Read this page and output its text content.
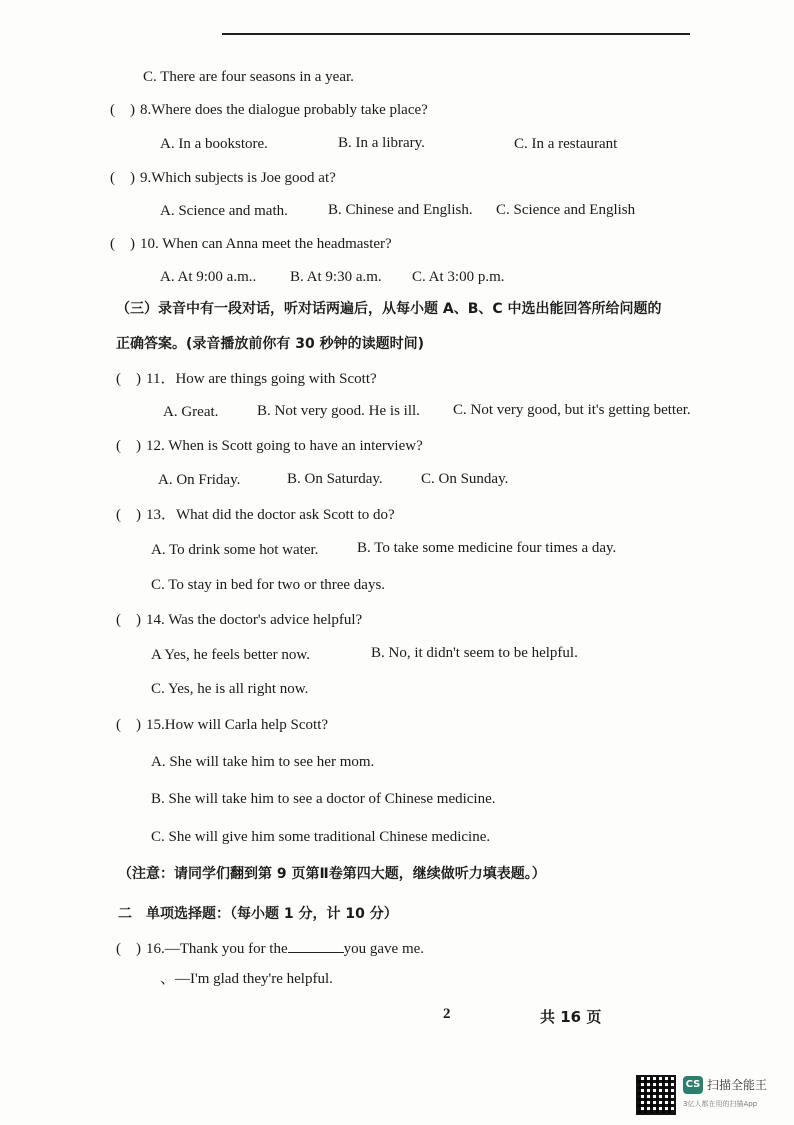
C. There are four seasons in a year.
(　) 8.Where does the dialogue probably take place?
A. In a bookstore.	B. In a library.	C. In a restaurant
(　) 9.Which subjects is Joe good at?
A. Science and math.	B. Chinese and English. C. Science and English
(　) 10. When can Anna meet the headmaster?
A. At 9:00 a.m.. B. At 9:30 a.m. C. At 3:00 p.m.
（三）录音中有一段对话，听对话两遍后，从每小题 A、B、C 中选出能回答所给问题的
正确答案。(录音播放前你有 30 秒钟的读题时间)
(　) 11．How are things going with Scott?
A. Great.	B. Not very good. He is ill. C. Not very good, but it's getting better.
(　) 12. When is Scott going to have an interview?
A. On Friday.	B. On Saturday.	C. On Sunday.
(　) 13．What did the doctor ask Scott to do?
A. To drink some hot water.	B. To take some medicine four times a day.
C. To stay in bed for two or three days.
(　) 14. Was the doctor's advice helpful?
A Yes, he feels better now.	B. No, it didn't seem to be helpful.
C. Yes, he is all right now.
(　) 15.How will Carla help Scott?
A. She will take him to see her mom.
B. She will take him to see a doctor of Chinese medicine.
C. She will give him some traditional Chinese medicine.
（注意：请同学们翻到第 9 页第Ⅱ卷第四大题，继续做听力填表题。）
二　单项选择题：（每小题 1 分，计 10 分）
(　) 16.—Thank you for the	you gave me.
、—I'm glad they're helpful.
2	共 16 页
CS 扫描全能王
3亿人都在用的扫描App
